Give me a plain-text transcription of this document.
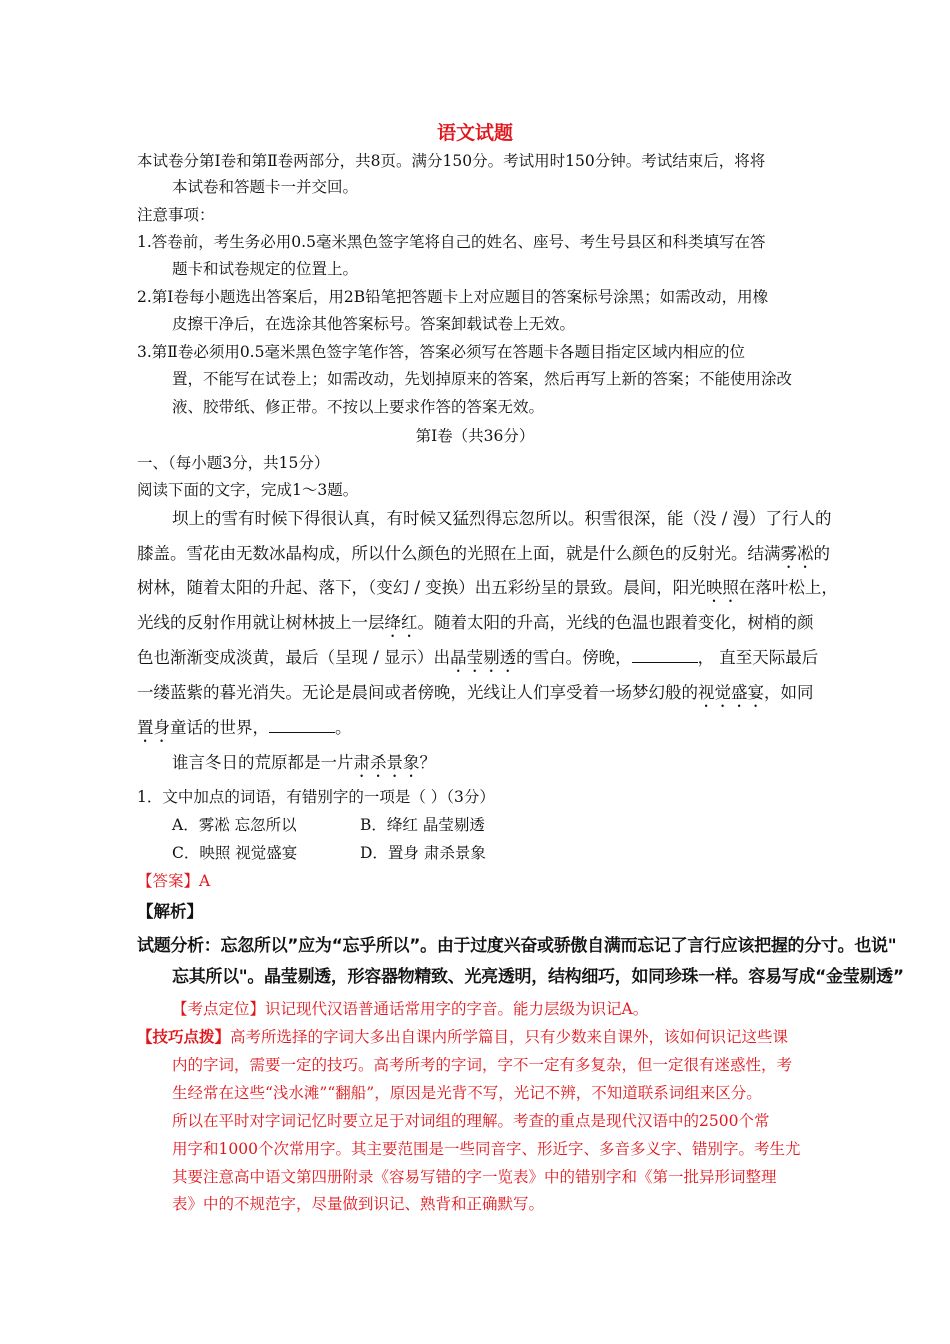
语文试题
本试卷分第Ⅰ卷和第Ⅱ卷两部分，共8页。满分150分。考试用时150分钟。考试结束后，将将
本试卷和答题卡一并交回。
注意事项：
1.答卷前，考生务必用0.5毫米黑色签字笔将自己的姓名、座号、考生号县区和科类填写在答
题卡和试卷规定的位置上。
2.第Ⅰ卷每小题选出答案后，用2B铅笔把答题卡上对应题目的答案标号涂黑；如需改动，用橡
皮擦干净后，在选涂其他答案标号。答案卸载试卷上无效。
3.第Ⅱ卷必须用0.5毫米黑色签字笔作答，答案必须写在答题卡各题目指定区域内相应的位
置，不能写在试卷上；如需改动，先划掉原来的答案，然后再写上新的答案；不能使用涂改
液、胶带纸、修正带。不按以上要求作答的答案无效。
第Ⅰ卷（共36分）
一、（每小题3分，共15分）
阅读下面的文字，完成1～3题。
坝上的雪有时候下得很认真，有时候又猛烈得忘忽所以。积雪很深，能（没 / 漫）了行人的
膝盖。雪花由无数冰晶构成，所以什么颜色的光照在上面，就是什么颜色的反射光。结满雾凇的
树林，随着太阳的升起、落下，（变幻 / 变换）出五彩纷呈的景致。晨间，阳光映照在落叶松上，
光线的反射作用就让树林披上一层绛红。随着太阳的升高，光线的色温也跟着变化，树梢的颜
色也渐渐变成淡黄，最后（呈现 / 显示）出晶莹剔透的雪白。傍晚，	， 直至天际最后
一缕蓝紫的暮光消失。无论是晨间或者傍晚，光线让人们享受着一场梦幻般的视觉盛宴，如同
置身童话的世界，	。
谁言冬日的荒原都是一片肃杀景象？
1．文中加点的词语，有错别字的一项是（ ）（3分）
A．雾凇 忘忽所以	B．绛红 晶莹剔透
C．映照 视觉盛宴	D．置身 肃杀景象
【答案】A
【解析】
试题分析：忘忽所以”应为“忘乎所以”。由于过度兴奋或骄傲自满而忘记了言行应该把握的分寸。也说"
忘其所以"。晶莹剔透，形容器物精致、光亮透明，结构细巧，如同珍珠一样。容易写成“金莹剔透”
【考点定位】识记现代汉语普通话常用字的字音。能力层级为识记A。
【技巧点拨】高考所选择的字词大多出自课内所学篇目，只有少数来自课外，该如何识记这些课
内的字词，需要一定的技巧。高考所考的字词，字不一定有多复杂，但一定很有迷惑性，考
生经常在这些“浅水滩”“翻船”，原因是光背不写，光记不辨，不知道联系词组来区分。
所以在平时对字词记忆时要立足于对词组的理解。考查的重点是现代汉语中的2500个常
用字和1000个次常用字。其主要范围是一些同音字、形近字、多音多义字、错别字。考生尤
其要注意高中语文第四册附录《容易写错的字一览表》中的错别字和《第一批异形词整理
表》中的不规范字，尽量做到识记、熟背和正确默写。
